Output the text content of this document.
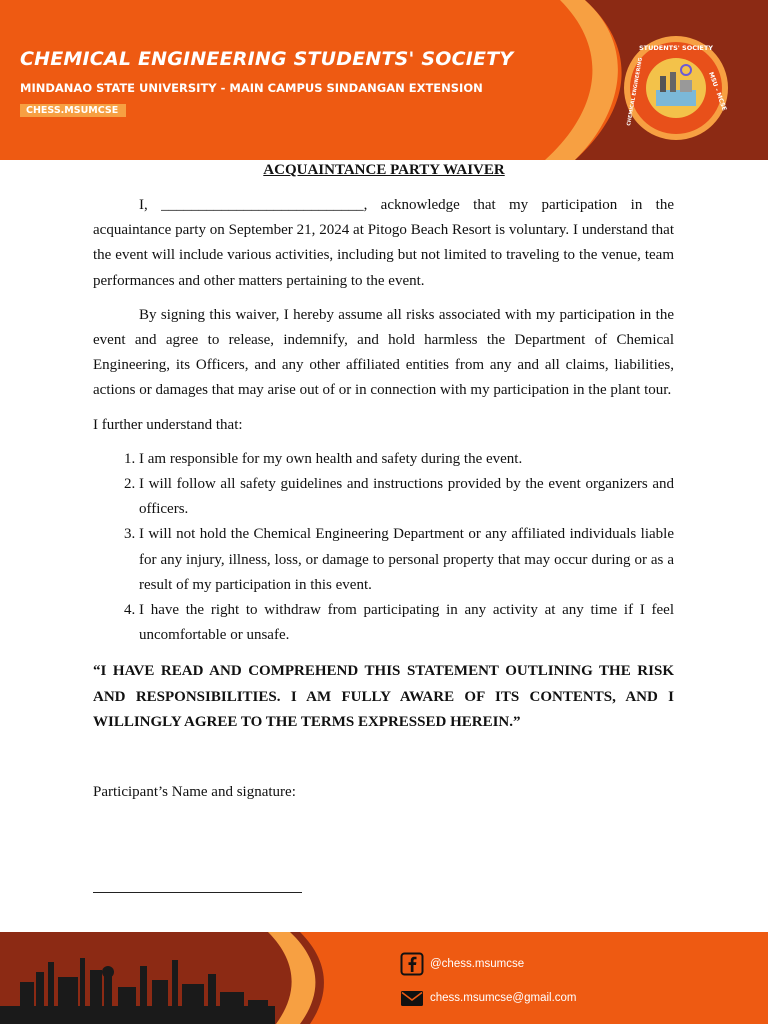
CHEMICAL ENGINEERING STUDENTS' SOCIETY
MINDANAO STATE UNIVERSITY - MAIN CAMPUS SINDANGAN EXTENSION
CHESS.MSUMCSE
STUDENTS' SOCIETY
MSU - MCSE
CHEMICAL ENGINEERING
ACQUAINTANCE PARTY WAIVER

I, ___________________________, acknowledge that my participation in the acquaintance party on September 21, 2024 at Pitogo Beach Resort is voluntary. I understand that the event will include various activities, including but not limited to traveling to the venue, team performances and other matters pertaining to the event.

By signing this waiver, I hereby assume all risks associated with my participation in the event and agree to release, indemnify, and hold harmless the Department of Chemical Engineering, its Officers, and any other affiliated entities from any and all claims, liabilities, actions or damages that may arise out of or in connection with my participation in the plant tour.

I further understand that:

1. I am responsible for my own health and safety during the event.
2. I will follow all safety guidelines and instructions provided by the event organizers and officers.
3. I will not hold the Chemical Engineering Department or any affiliated individuals liable for any injury, illness, loss, or damage to personal property that may occur during or as a result of my participation in this event.
4. I have the right to withdraw from participating in any activity at any time if I feel uncomfortable or unsafe.

“I HAVE READ AND COMPREHEND THIS STATEMENT OUTLINING THE RISK AND RESPONSIBILITIES. I AM FULLY AWARE OF ITS CONTENTS, AND I WILLINGLY AGREE TO THE TERMS EXPRESSED HEREIN.”

Participant’s Name and signature:

@chess.msumcse
chess.msumcse@gmail.com
